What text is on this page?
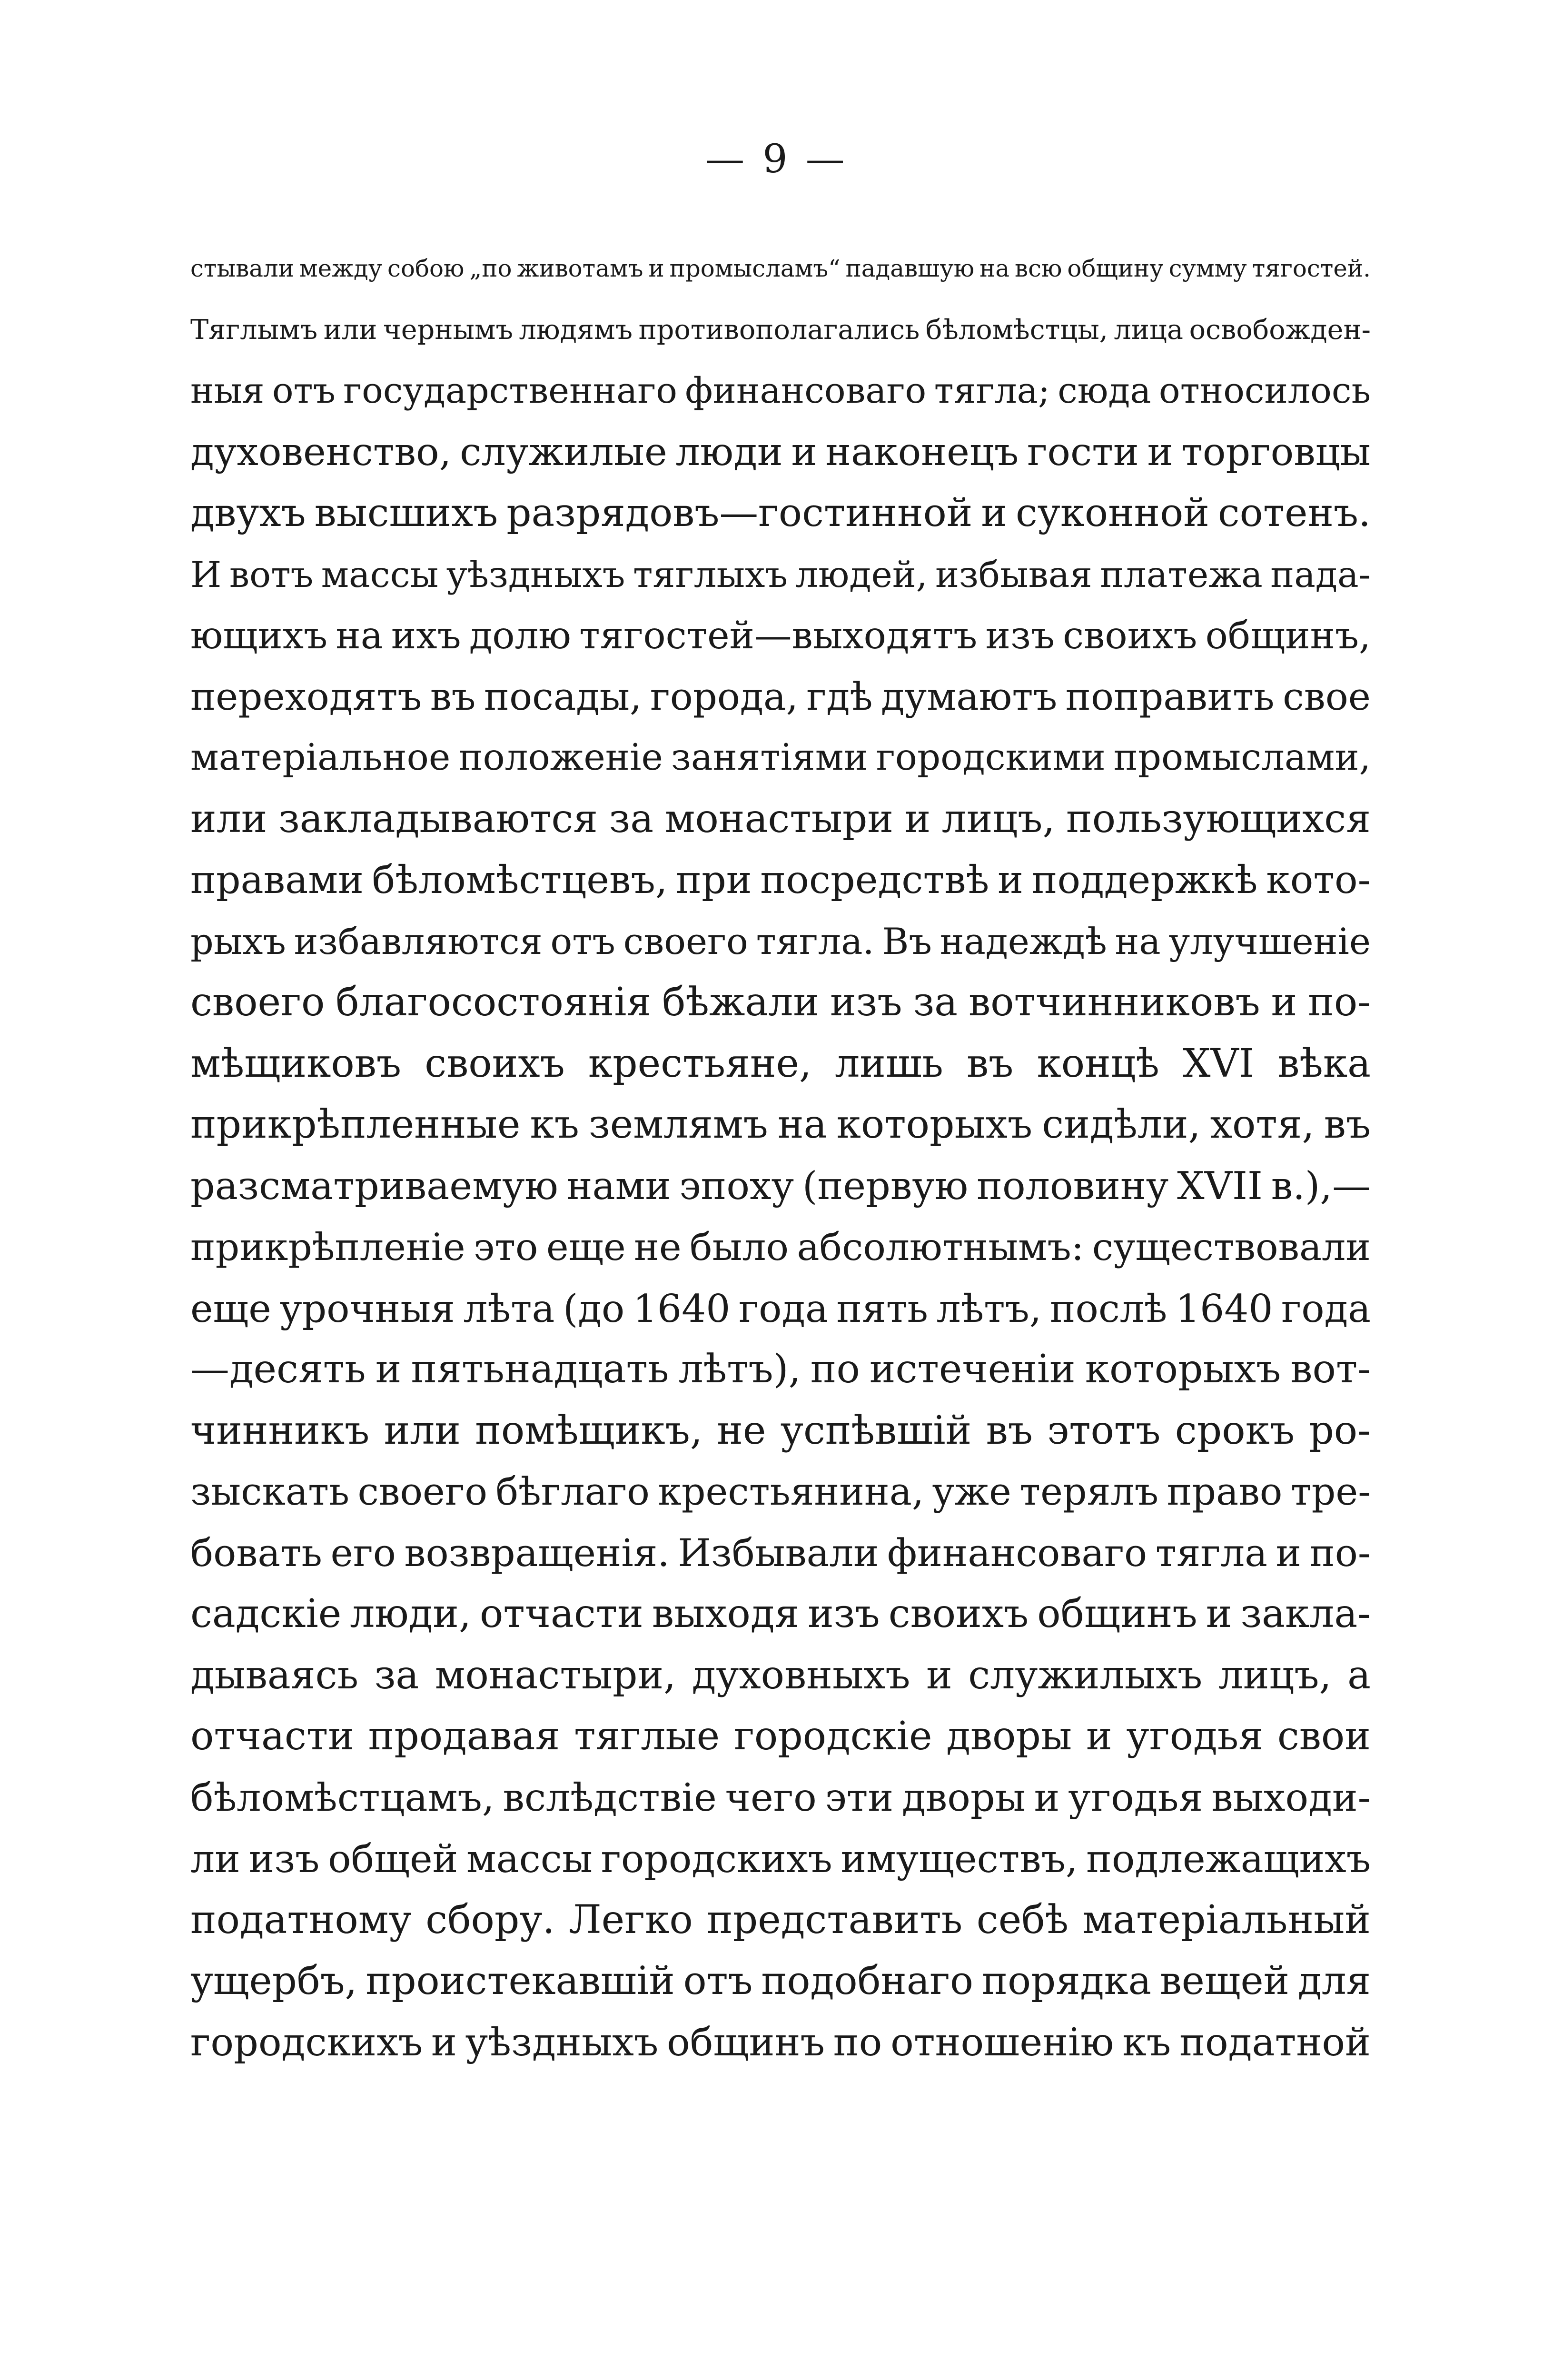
— 9 —
стывали между собою „по животамъ и промысламъ“ падавшую на всю общину сумму тягостей.
Тяглымъ или чернымъ людямъ противополагались бѣломѣстцы, лица освобожден-
ныя отъ государственнаго финансоваго тягла; сюда относилось
духовенство, служилые люди и наконецъ гости и торговцы
двухъ высшихъ разрядовъ—гостинной и суконной сотенъ.
И вотъ массы уѣздныхъ тяглыхъ людей, избывая платежа пада-
ющихъ на ихъ долю тягостей—выходятъ изъ своихъ общинъ,
переходятъ въ посады, города, гдѣ думаютъ поправить свое
матеріальное положеніе занятіями городскими промыслами,
или закладываются за монастыри и лицъ, пользующихся
правами бѣломѣстцевъ, при посредствѣ и поддержкѣ кото-
рыхъ избавляются отъ своего тягла. Въ надеждѣ на улучшеніе
своего благосостоянія бѣжали изъ за вотчинниковъ и по-
мѣщиковъ своихъ крестьяне, лишь въ концѣ XVI вѣка
прикрѣпленные къ землямъ на которыхъ сидѣли, хотя, въ
разсматриваемую нами эпоху (первую половину XVII в.),—
прикрѣпленіе это еще не было абсолютнымъ: существовали
еще урочныя лѣта (до 1640 года пять лѣтъ, послѣ 1640 года
—десять и пятьнадцать лѣтъ), по истеченіи которыхъ вот-
чинникъ или помѣщикъ, не успѣвшій въ этотъ срокъ ро-
зыскать своего бѣглаго крестьянина, уже терялъ право тре-
бовать его возвращенія. Избывали финансоваго тягла и по-
садскіе люди, отчасти выходя изъ своихъ общинъ и закла-
дываясь за монастыри, духовныхъ и служилыхъ лицъ, а
отчасти продавая тяглые городскіе дворы и угодья свои
бѣломѣстцамъ, вслѣдствіе чего эти дворы и угодья выходи-
ли изъ общей массы городскихъ имуществъ, подлежащихъ
податному сбору. Легко представить себѣ матеріальный
ущербъ, проистекавшій отъ подобнаго порядка вещей для
городскихъ и уѣздныхъ общинъ по отношенію къ податной
